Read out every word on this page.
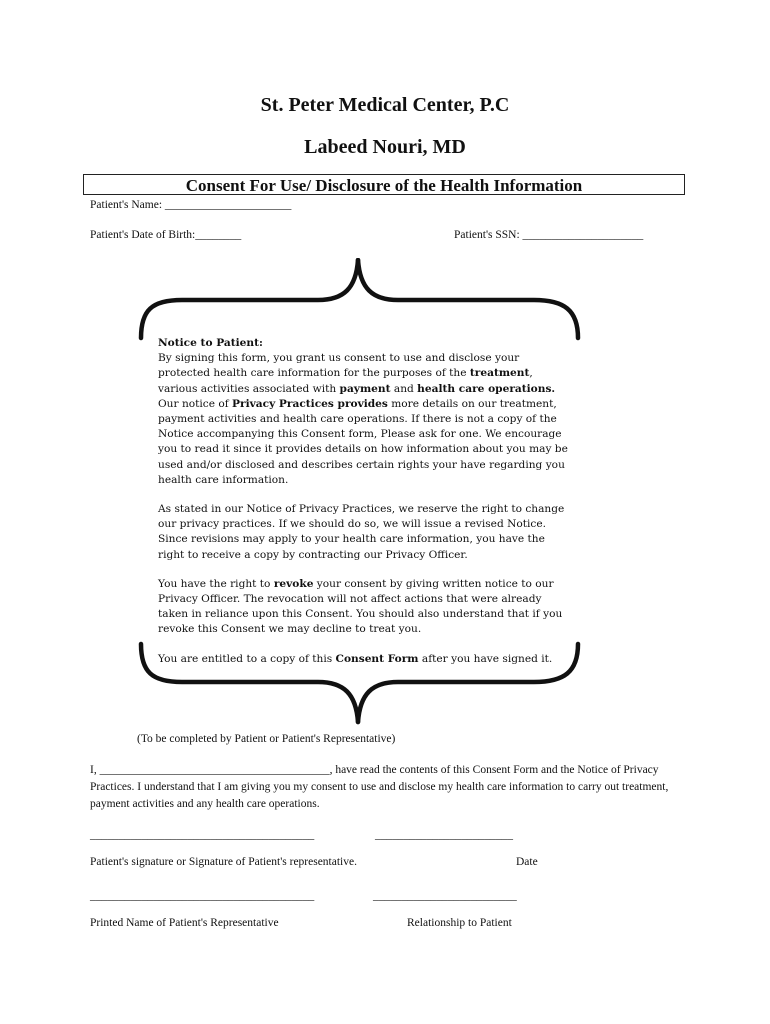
St. Peter Medical Center, P.C
Labeed Nouri, MD
Consent For Use/ Disclosure of the Health Information
Patient's Name: ______________________
Patient's Date of Birth:________	Patient's SSN: _____________________

Notice to Patient:

By signing this form, you grant us consent to use and disclose your protected health care information for the purposes of the treatment, various activities associated with payment and health care operations. Our notice of Privacy Practices provides more details on our treatment, payment activities and health care operations. If there is not a copy of the Notice accompanying this Consent form, Please ask for one. We encourage you to read it since it provides details on how information about you may be used and/or disclosed and describes certain rights your have regarding you health care information.

As stated in our Notice of Privacy Practices, we reserve the right to change our privacy practices. If we should do so, we will issue a revised Notice. Since revisions may apply to your health care information, you have the right to receive a copy by contracting our Privacy Officer.

You have the right to revoke your consent by giving written notice to our Privacy Officer. The revocation will not affect actions that were already taken in reliance upon this Consent. You should also understand that if you revoke this Consent we may decline to treat you.

You are entitled to a copy of this Consent Form after you have signed it.

(To be completed by Patient or Patient's Representative)
I, ________________________________________, have read the contents of this Consent Form and the Notice of Privacy Practices. I understand that I am giving you my consent to use and disclose my health care information to carry out treatment, payment activities and any health care operations.
_______________________________________	________________________
Patient's signature or Signature of Patient's representative.	Date
_______________________________________	_________________________
Printed Name of Patient's Representative	Relationship to Patient
